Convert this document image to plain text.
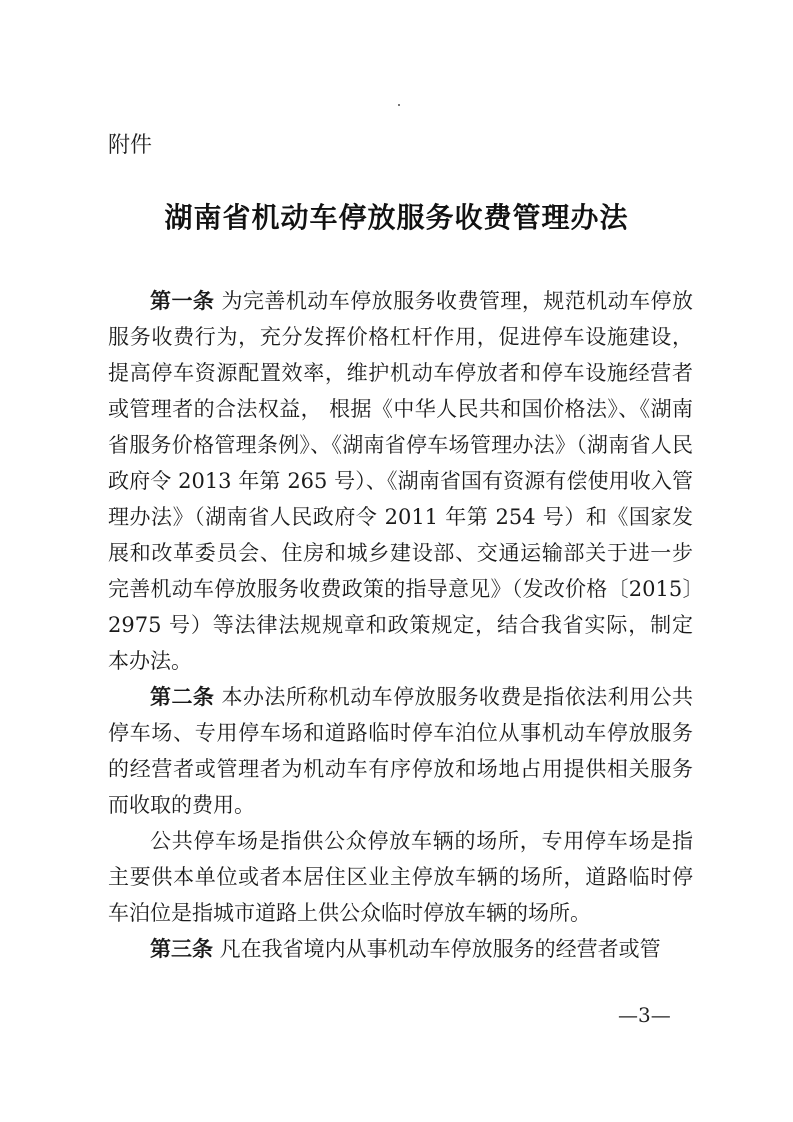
附件
湖南省机动车停放服务收费管理办法

第一条 为完善机动车停放服务收费管理，规范机动车停放服务收费行为，充分发挥价格杠杆作用，促进停车设施建设，提高停车资源配置效率，维护机动车停放者和停车设施经营者或管理者的合法权益， 根据《中华人民共和国价格法》、《湖南省服务价格管理条例》、《湖南省停车场管理办法》（湖南省人民政府令 2013 年第 265 号）、《湖南省国有资源有偿使用收入管理办法》（湖南省人民政府令 2011 年第 254 号）和《国家发展和改革委员会、住房和城乡建设部、交通运输部关于进一步完善机动车停放服务收费政策的指导意见》（发改价格〔2015〕2975 号）等法律法规规章和政策规定，结合我省实际，制定本办法。

第二条 本办法所称机动车停放服务收费是指依法利用公共停车场、专用停车场和道路临时停车泊位从事机动车停放服务的经营者或管理者为机动车有序停放和场地占用提供相关服务而收取的费用。

公共停车场是指供公众停放车辆的场所，专用停车场是指主要供本单位或者本居住区业主停放车辆的场所，道路临时停车泊位是指城市道路上供公众临时停放车辆的场所。

第三条 凡在我省境内从事机动车停放服务的经营者或管

—3—
